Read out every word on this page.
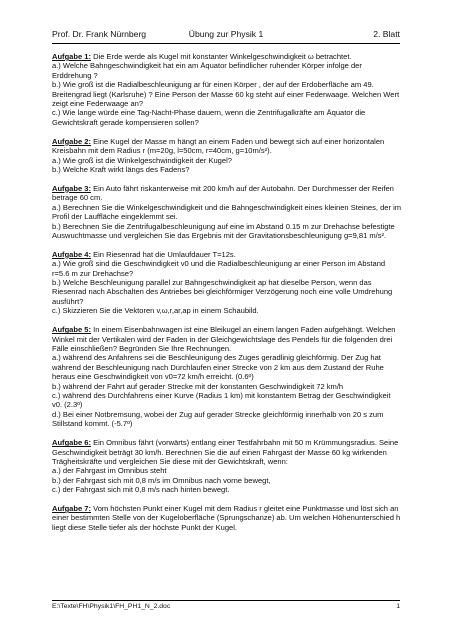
Prof. Dr. Frank Nürnberg	Übung zur Physik 1	2. Blatt

Aufgabe 1: Die Erde werde als Kugel mit konstanter Winkelgeschwindigkeit ω betrachtet.

a.) Welche Bahngeschwindigkeit hat ein am Äquator befindlicher ruhender Körper infolge der Erddrehung ?

b.) Wie groß ist die Radialbeschleunigung ar für einen Körper , der auf der Erdoberfläche am 49. Breitengrad liegt (Karlsruhe) ? Eine Person der Masse 60 kg steht auf einer Federwaage. Welchen Wert zeigt eine Federwaage an?

c.) Wie lange würde eine Tag-Nacht-Phase dauern, wenn die Zentrifugalkräfte am Äquator die Gewichtskraft gerade kompensieren sollen?

Aufgabe 2: Eine Kugel der Masse m hängt an einem Faden und bewegt sich auf einer horizontalen Kreisbahn mit dem Radius r (m=20g, l=50cm, r=40cm, g=10m/s²).

a.) Wie groß ist die Winkelgeschwindigkeit der Kugel?

b.) Welche Kraft wirkt längs des Fadens?

Aufgabe 3: Ein Auto fährt riskanterweise mit 200 km/h auf der Autobahn. Der Durchmesser der Reifen betrage 60 cm.

a.) Berechnen Sie die Winkelgeschwindigkeit und die Bahngeschwindigkeit eines kleinen Steines, der im Profil der Lauffläche eingeklemmt sei.

b.) Berechnen Sie die Zentrifugalbeschleunigung auf eine im Abstand 0.15 m zur Drehachse befestigte Auswuchtmasse und vergleichen Sie das Ergebnis mit der Gravitationsbeschleunigung g=9,81 m/s².

Aufgabe 4: Ein Riesenrad hat die Umlaufdauer T=12s.

a.) Wie groß sind die Geschwindigkeit v0 und die Radialbeschleunigung ar einer Person im Abstand r=5.6 m zur Drehachse?

b.) Welche Beschleunigung parallel zur Bahngeschwindigkeit ap hat dieselbe Person, wenn das Riesenrad nach Abschalten des Antriebes bei gleichförmiger Verzögerung noch eine volle Umdrehung ausführt?

c.) Skizzieren Sie die Vektoren v,ω,r,ar,ap in einem Schaubild.

Aufgabe 5: In einem Eisenbahnwagen ist eine Bleikugel an einem langen Faden aufgehängt. Welchen Winkel mit der Vertikalen wird der Faden in der Gleichgewichtslage des Pendels für die folgenden drei Fälle einschließen? Begründen Sie Ihre Rechnungen.

a.) während des Anfahrens sei die Beschleunigung des Zuges geradlinig gleichförmig. Der Zug hat während der Beschleunigung nach Durchlaufen einer Strecke von 2 km aus dem Zustand der Ruhe heraus eine Geschwindigkeit von v0=72 km/h erreicht. (0.6º)

b.) während der Fahrt auf gerader Strecke mit der konstanten Geschwindigkeit 72 km/h

c.) während des Durchfahrens einer Kurve (Radius 1 km) mit konstantem Betrag der Geschwindigkeit v0. (2.3º)

d.) Bei einer Notbremsung, wobei der Zug auf gerader Strecke gleichförmig innerhalb von 20 s zum Stillstand kommt. (-5.7º)

Aufgabe 6: Ein Omnibus fährt (vorwärts) entlang einer Testfahrbahn mit 50 m Krümmungsradius. Seine Geschwindigkeit beträgt 30 km/h. Berechnen Sie die auf einen Fahrgast der Masse 60 kg wirkenden Trägheitskräfte und vergleichen Sie diese mit der Gewichtskraft, wenn:

a.) der Fahrgast im Omnibus steht

b.) der Fahrgast sich mit 0,8 m/s im Omnibus nach vorne bewegt,

c.) der Fahrgast sich mit 0,8 m/s nach hinten bewegt.

Aufgabe 7: Vom höchsten Punkt einer Kugel mit dem Radius r gleitet eine Punktmasse und löst sich an einer bestimmten Stelle von der Kugeloberfläche (Sprungschanze) ab. Um welchen Höhenunterschied h liegt diese Stelle tiefer als der höchste Punkt der Kugel.

E:\Texte\FH\Physik1\FH_PH1_N_2.doc	1
